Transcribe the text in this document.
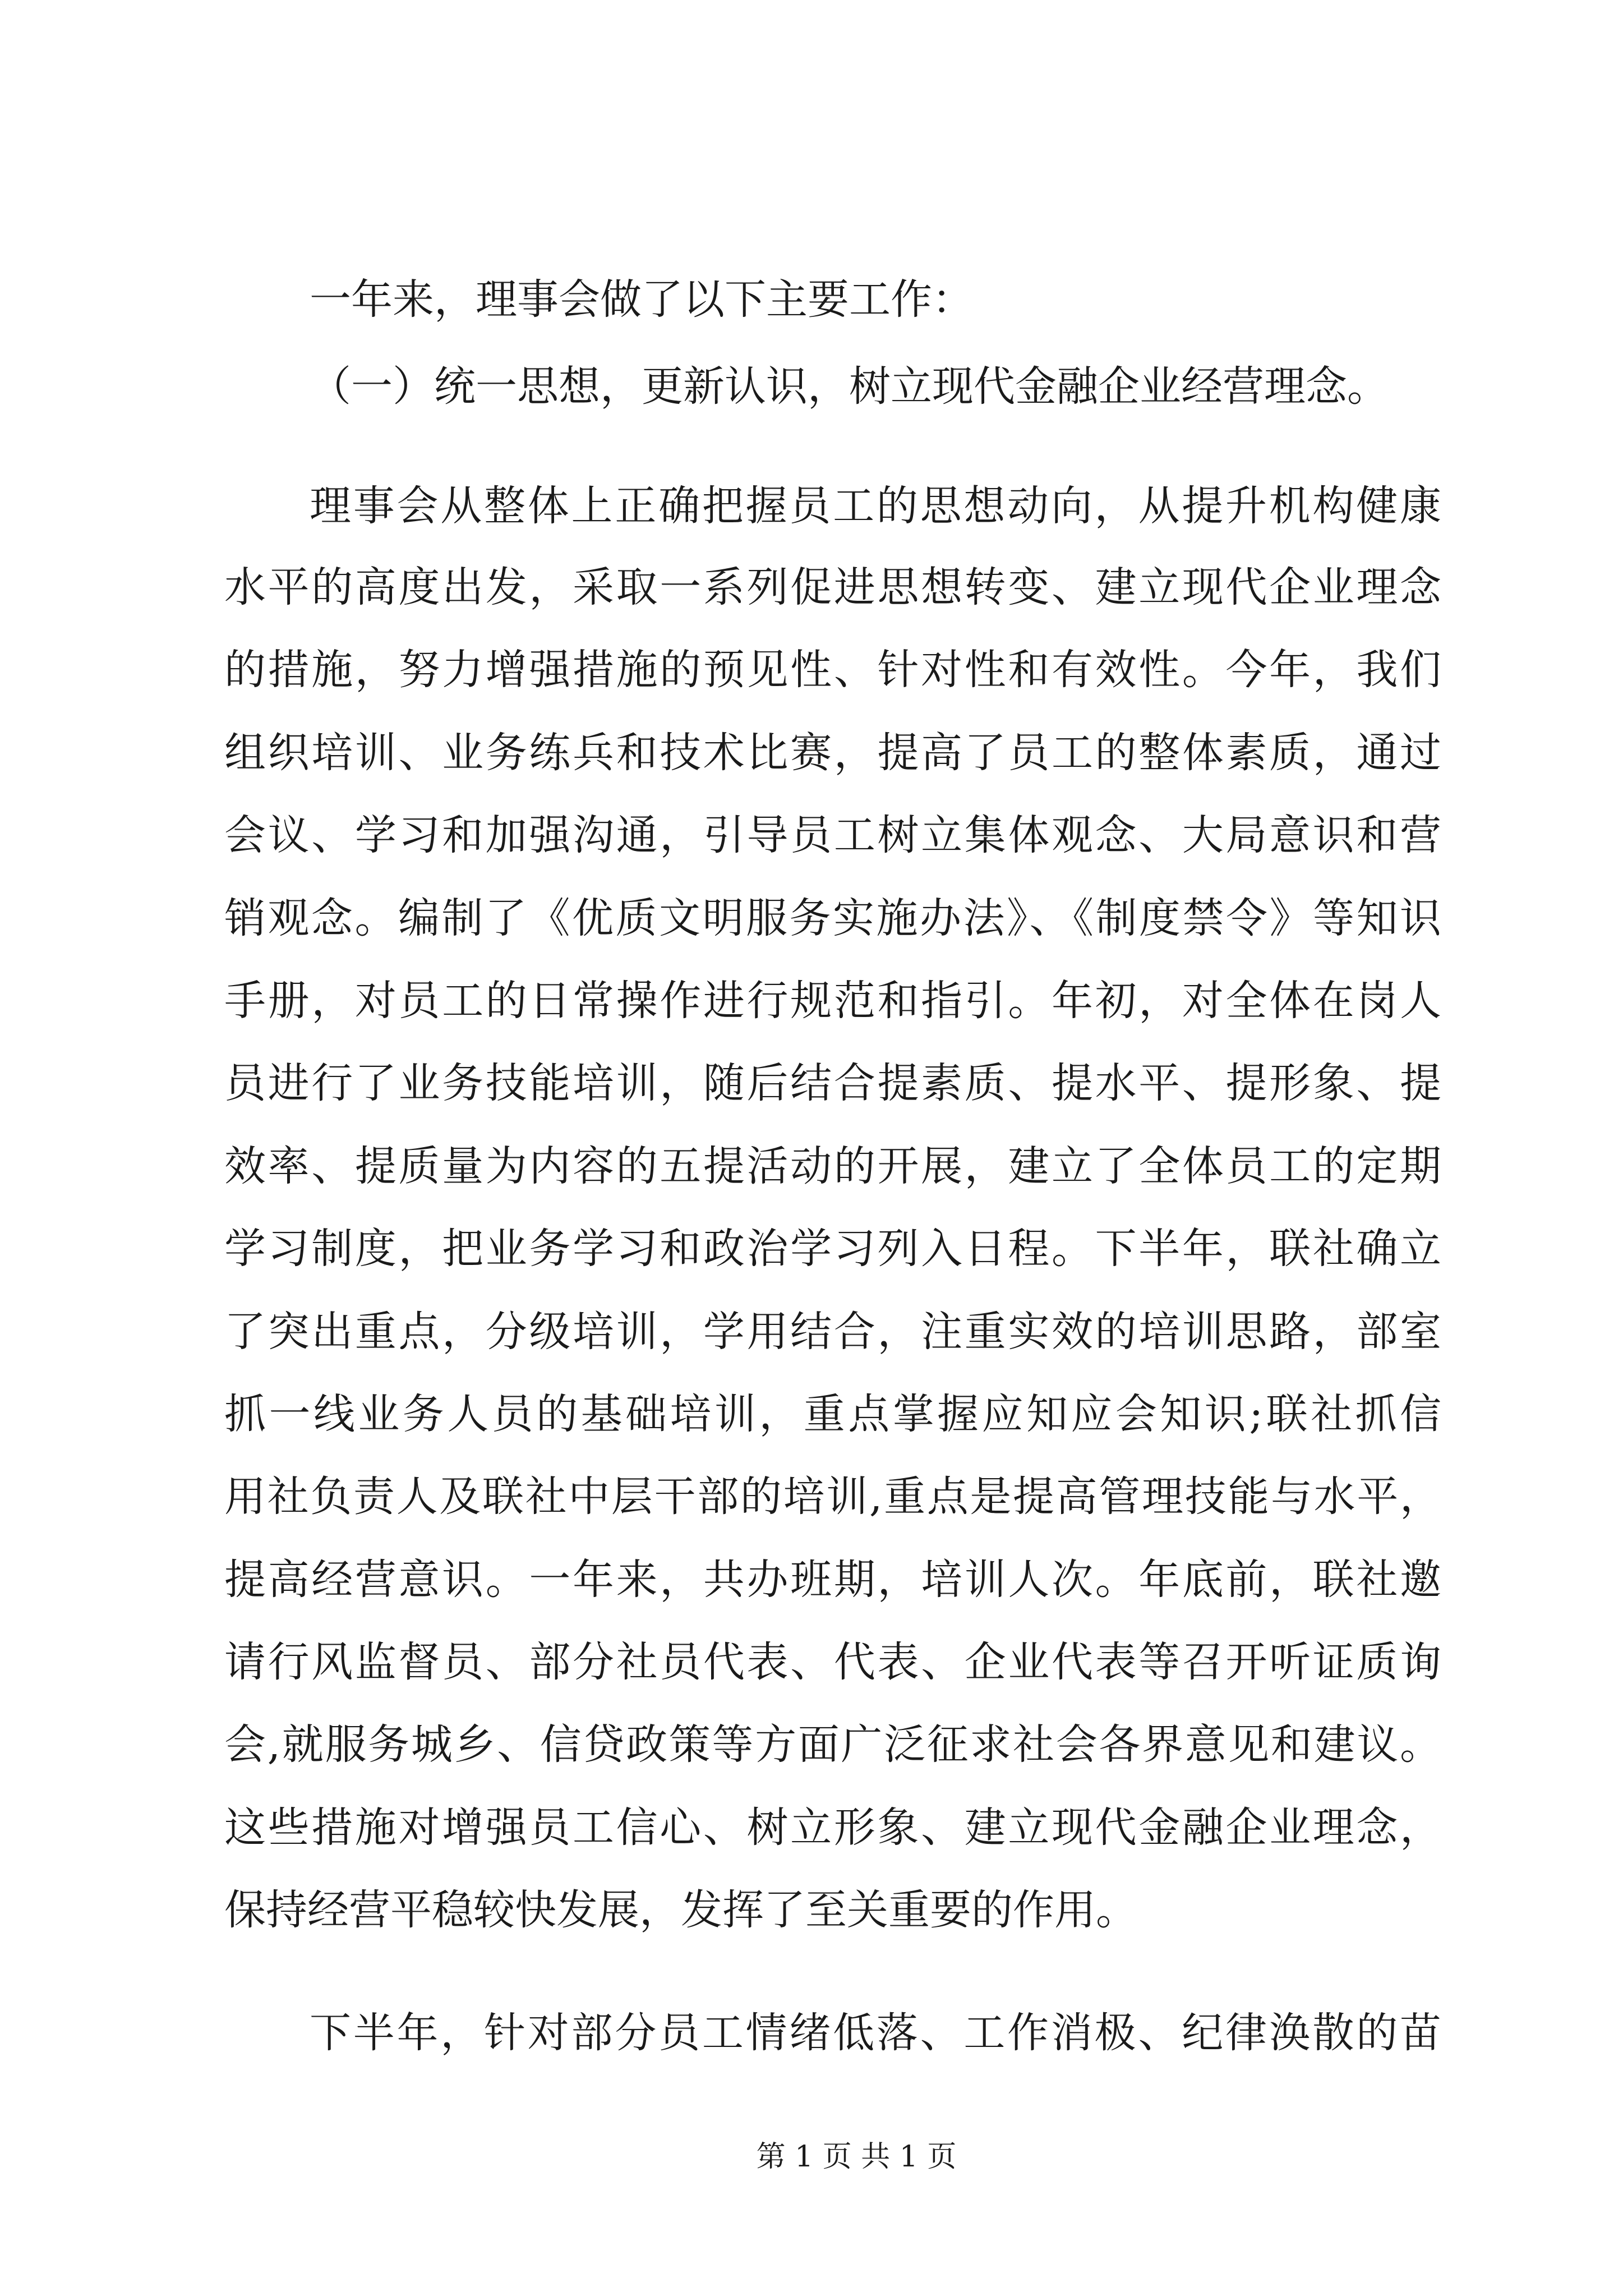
一年来，理事会做了以下主要工作：
（一）统一思想，更新认识，树立现代金融企业经营理念。
理事会从整体上正确把握员工的思想动向，从提升机构健康
水平的高度出发，采取一系列促进思想转变、建立现代企业理念
的措施，努力增强措施的预见性、针对性和有效性。今年，我们
组织培训、业务练兵和技术比赛，提高了员工的整体素质，通过
会议、学习和加强沟通，引导员工树立集体观念、大局意识和营
销观念。编制了《优质文明服务实施办法》、《制度禁令》等知识
手册，对员工的日常操作进行规范和指引。年初，对全体在岗人
员进行了业务技能培训，随后结合提素质、提水平、提形象、提
效率、提质量为内容的五提活动的开展，建立了全体员工的定期
学习制度，把业务学习和政治学习列入日程。下半年，联社确立
了突出重点，分级培训，学用结合，注重实效的培训思路，部室
抓一线业务人员的基础培训，重点掌握应知应会知识;联社抓信
用社负责人及联社中层干部的培训,重点是提高管理技能与水平，
提高经营意识。一年来，共办班期，培训人次。年底前，联社邀
请行风监督员、部分社员代表、代表、企业代表等召开听证质询
会,就服务城乡、信贷政策等方面广泛征求社会各界意见和建议。
这些措施对增强员工信心、树立形象、建立现代金融企业理念，
保持经营平稳较快发展，发挥了至关重要的作用。
下半年，针对部分员工情绪低落、工作消极、纪律涣散的苗
第 1 页 共 1 页
